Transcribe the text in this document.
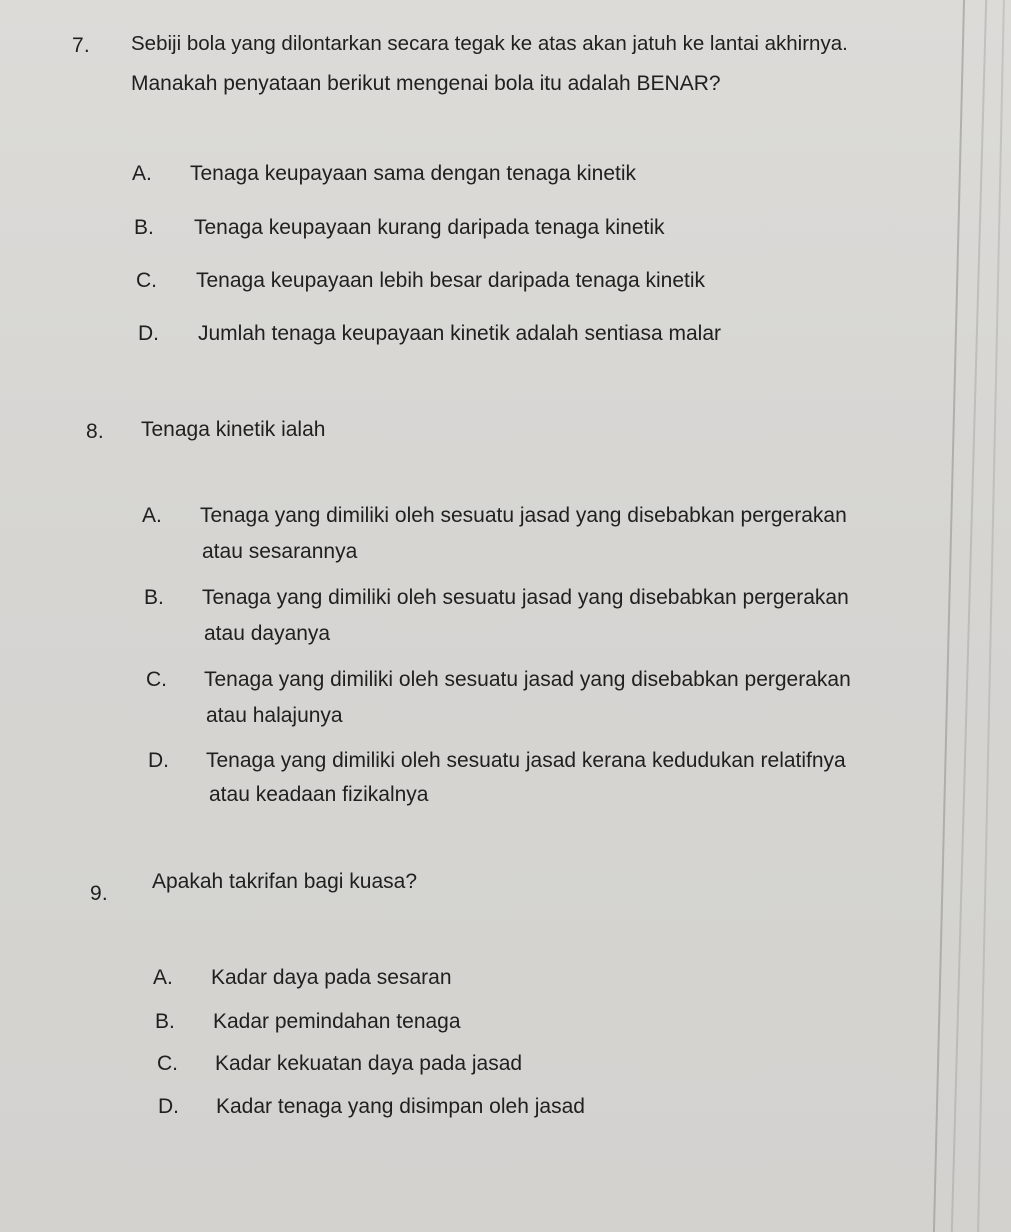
7. Sebiji bola yang dilontarkan secara tegak ke atas akan jatuh ke lantai akhirnya.
Manakah penyataan berikut mengenai bola itu adalah BENAR?
A. Tenaga keupayaan sama dengan tenaga kinetik
B. Tenaga keupayaan kurang daripada tenaga kinetik
C. Tenaga keupayaan lebih besar daripada tenaga kinetik
D. Jumlah tenaga keupayaan kinetik adalah sentiasa malar
8. Tenaga kinetik ialah
A. Tenaga yang dimiliki oleh sesuatu jasad yang disebabkan pergerakan
atau sesarannya
B. Tenaga yang dimiliki oleh sesuatu jasad yang disebabkan pergerakan
atau dayanya
C. Tenaga yang dimiliki oleh sesuatu jasad yang disebabkan pergerakan
atau halajunya
D. Tenaga yang dimiliki oleh sesuatu jasad kerana kedudukan relatifnya
atau keadaan fizikalnya
9.
Apakah takrifan bagi kuasa?
A. Kadar daya pada sesaran
B. Kadar pemindahan tenaga
C. Kadar kekuatan daya pada jasad
D. Kadar tenaga yang disimpan oleh jasad
